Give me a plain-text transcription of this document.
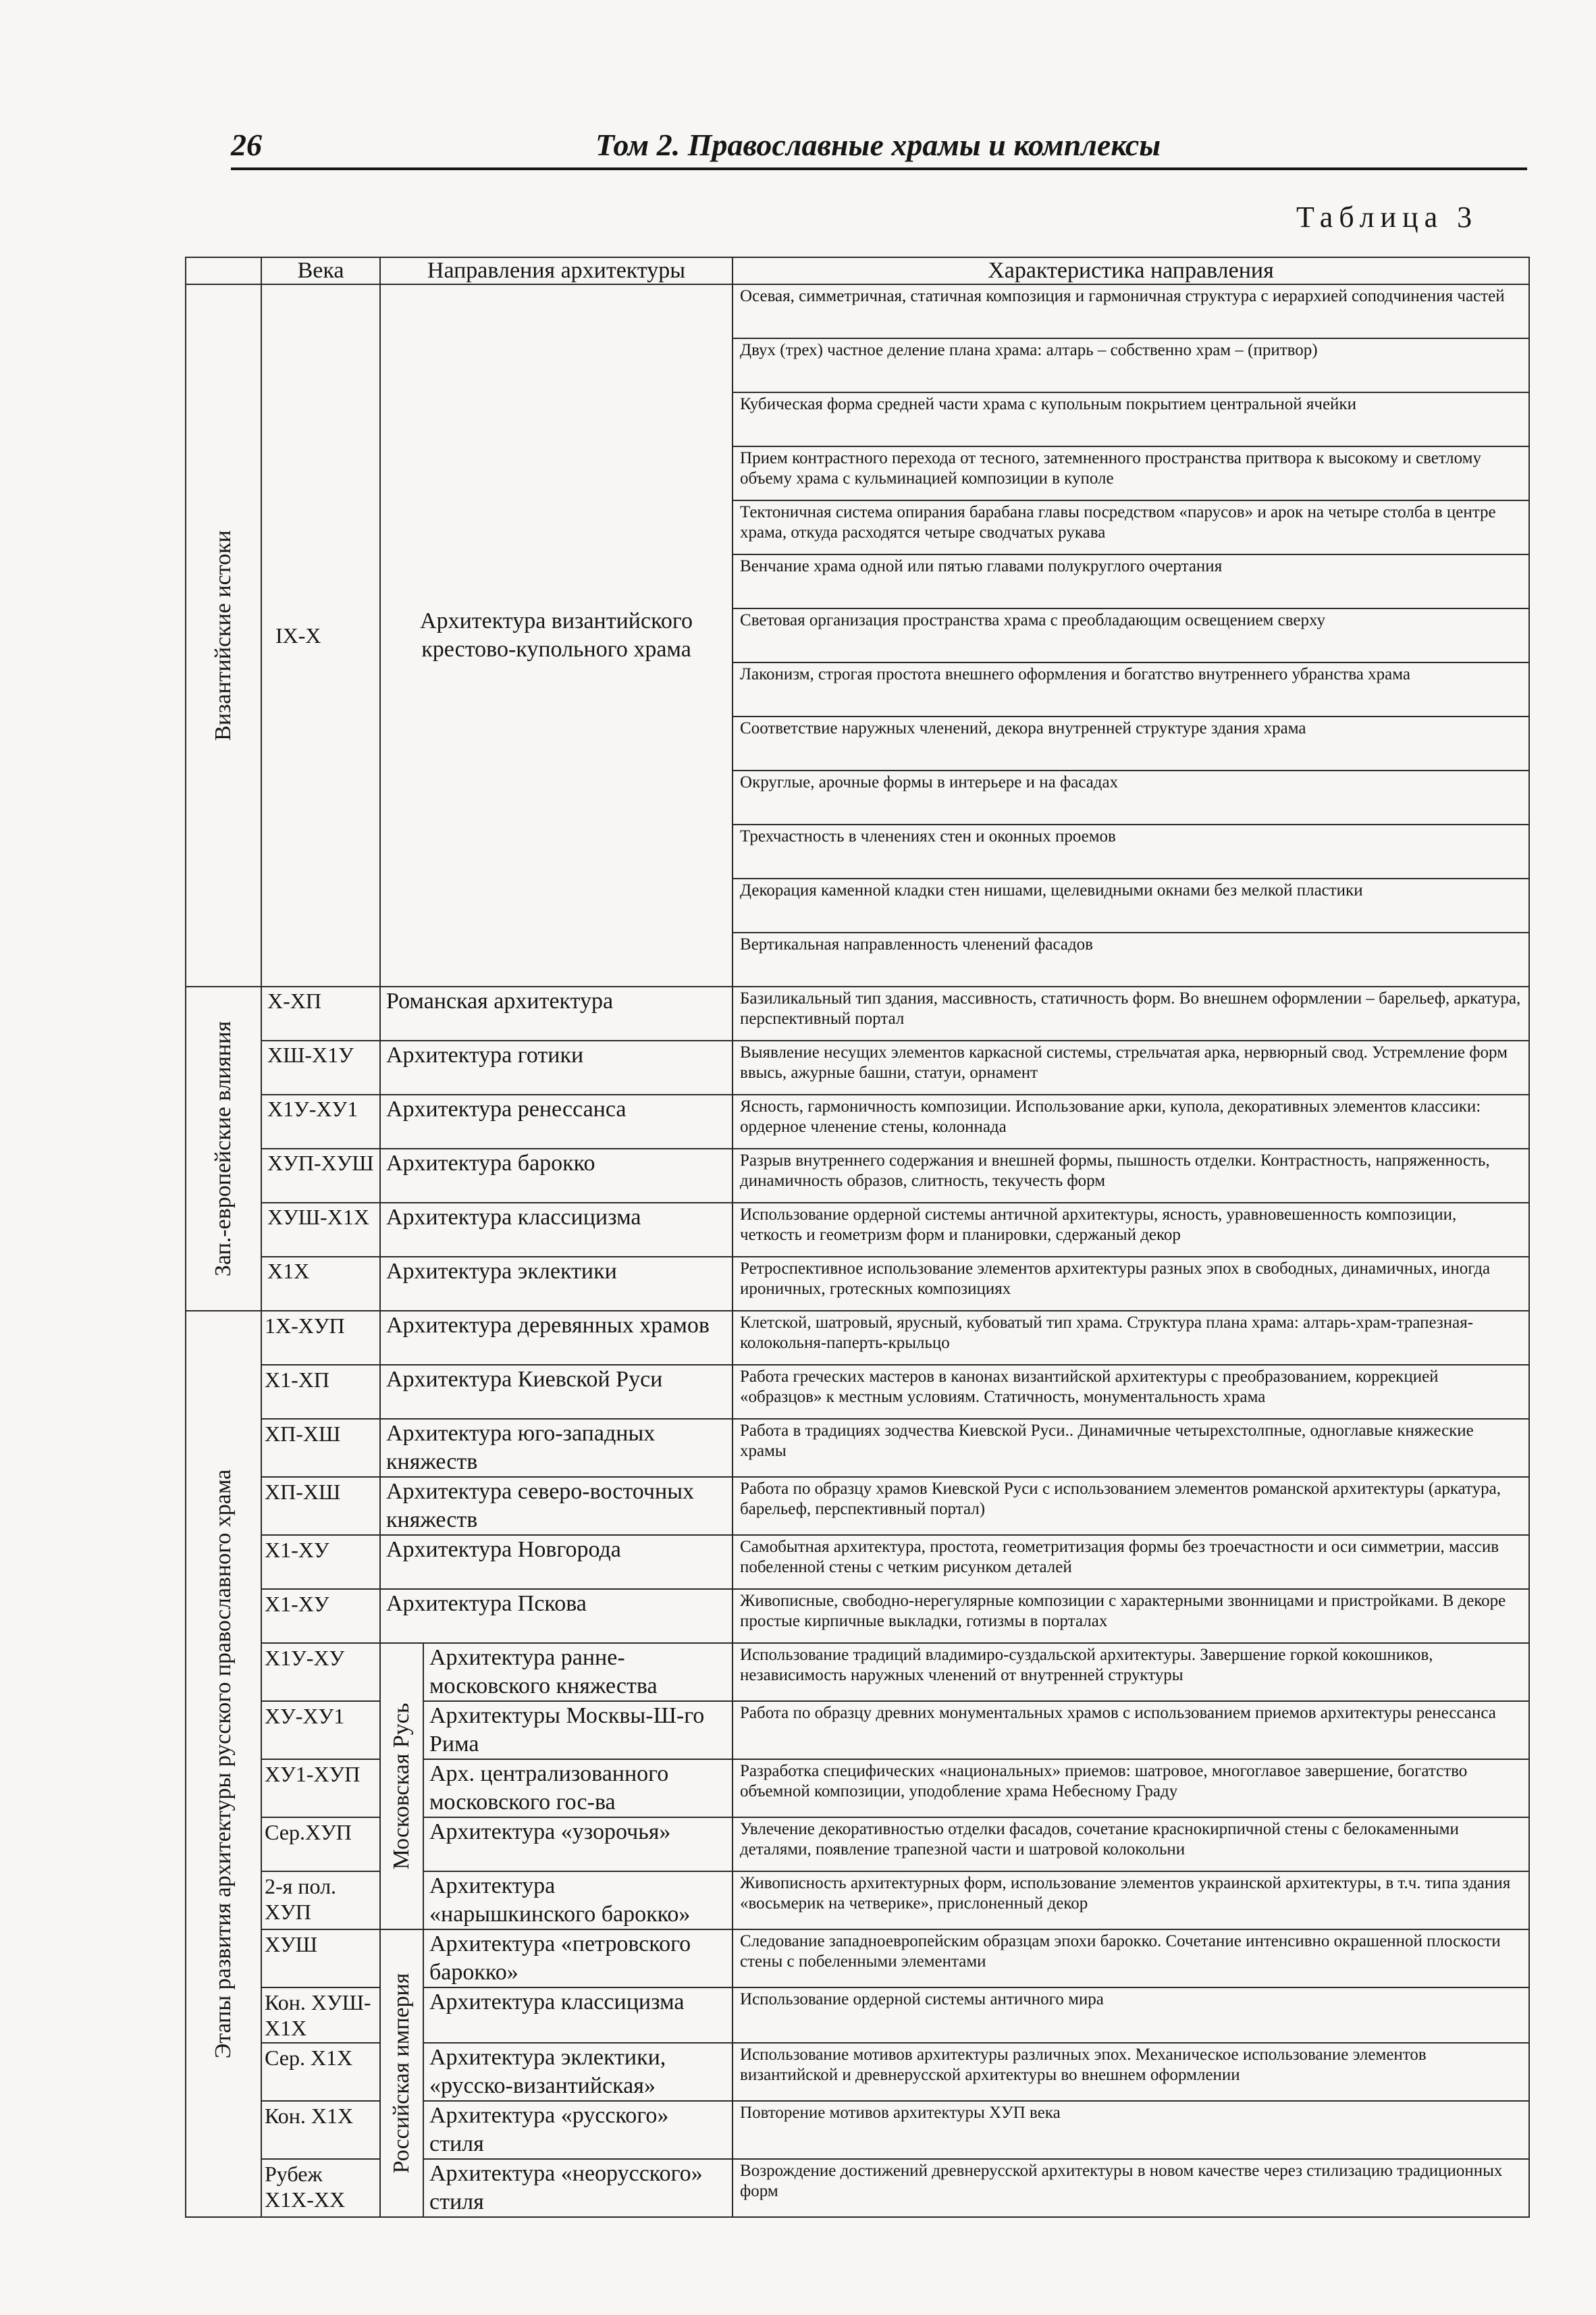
26	Том 2. Православные храмы и комплексы
Таблица 3
	Века	Направления архитектуры		Характеристика направления

Византийские истоки	IX-X	Архитектура византийского крестово-купольного храма		Осевая, симметричная, статичная композиция и гармоничная структура с иерархией соподчинения частей
				Двух (трех) частное деление плана храма: алтарь – собственно храм – (притвор)
				Кубическая форма средней части храма с купольным покрытием центральной ячейки
				Прием контрастного перехода от тесного, затемненного пространства притвора к высокому и светлому объему храма с кульминацией композиции в куполе
				Тектоничная система опирания барабана главы посредством «парусов» и арок на четыре столба в центре храма, откуда расходятся четыре сводчатых рукава
				Венчание храма одной или пятью главами полукруглого очертания
				Световая организация пространства храма с преобладающим освещением сверху
				Лаконизм, строгая простота внешнего оформления и богатство внутреннего убранства храма
				Соответствие наружных членений, декора внутренней структуре здания храма
				Округлые, арочные формы в интерьере и на фасадах
				Трехчастность в членениях стен и оконных проемов
				Декорация каменной кладки стен нишами, щелевидными окнами без мелкой пластики
				Вертикальная направленность членений фасадов

Зап.-европейские влияния	Х-ХП	Романская архитектура		Базиликальный тип здания, массивность, статичность форм. Во внешнем оформлении – барельеф, аркатура, перспективный портал
	ХШ-Х1У	Архитектура готики		Выявление несущих элементов каркасной системы, стрельчатая арка, нервюрный свод. Устремление форм ввысь, ажурные башни, статуи, орнамент
	Х1У-ХУ1	Архитектура ренессанса		Ясность, гармоничность композиции. Использование арки, купола, декоративных элементов классики: ордерное членение стены, колоннада
	ХУП-ХУШ	Архитектура барокко		Разрыв внутреннего содержания и внешней формы, пышность отделки. Контрастность, напряженность, динамичность образов, слитность, текучесть форм
	ХУШ-Х1Х	Архитектура классицизма		Использование ордерной системы античной архитектуры, ясность, уравновешенность композиции, четкость и геометризм форм и планировки, сдержаный декор
	Х1Х	Архитектура эклектики		Ретроспективное использование элементов архитектуры разных эпох в свободных, динамичных, иногда ироничных, гротескных композициях

Этапы развития архитектуры русского православного храма	1Х-ХУП	Архитектура деревянных храмов		Клетской, шатровый, ярусный, кубоватый тип храма. Структура плана храма: алтарь-храм-трапезная-колокольня-паперть-крыльцо
	Х1-ХП	Архитектура Киевской Руси		Работа греческих мастеров в канонах византийской архитектуры с преобразованием, коррекцией «образцов» к местным условиям. Статичность, монументальность храма
	ХП-ХШ	Архитектура юго-западных княжеств		Работа в традициях зодчества Киевской Руси.. Динамичные четырехстолпные, одноглавые княжеские храмы
	ХП-ХШ	Архитектура северо-восточных княжеств		Работа по образцу храмов Киевской Руси с использованием элементов романской архитектуры (аркатура, барельеф, перспективный портал)
	Х1-ХУ	Архитектура Новгорода		Самобытная архитектура, простота, геометритизация формы без троечастности и оси симметрии, массив побеленной стены с четким рисунком деталей
	Х1-ХУ	Архитектура Пскова		Живописные, свободно-нерегулярные композиции с характерными звонницами и пристройками. В декоре простые кирпичные выкладки, готизмы в порталах
	Х1У-ХУ	Московская Русь	Архитектура ранне-московского княжества	Использование традиций владимиро-суздальской архитектуры. Завершение горкой кокошников, независимость наружных членений от внутренней структуры
	ХУ-ХУ1		Архитектуры Москвы-Ш-го Рима	Работа по образцу древних монументальных храмов с использованием приемов архитектуры ренессанса
	ХУ1-ХУП		Арх. централизованного московского гос-ва	Разработка специфических «национальных» приемов: шатровое, многоглавое завершение, богатство объемной композиции, уподобление храма Небесному Граду
	Сер.ХУП		Архитектура «узорочья»	Увлечение декоративностью отделки фасадов, сочетание краснокирпичной стены с белокаменными деталями, появление трапезной части и шатровой колокольни
	2-я пол. ХУП		Архитектура «нарышкинского барокко»	Живописность архитектурных форм, использование элементов украинской архитектуры, в т.ч. типа здания «восьмерик на четверике», прислоненный декор
	ХУШ	Российская империя	Архитектура «петровского барокко»	Следование западноевропейским образцам эпохи барокко. Сочетание интенсивно окрашенной плоскости стены с побеленными элементами
	Кон. ХУШ-Х1Х		Архитектура классицизма	Использование ордерной системы античного мира
	Сер. Х1Х		Архитектура эклектики, «русско-византийская»	Использование мотивов архитектуры различных эпох. Механическое использование элементов византийской и древнерусской архитектуры во внешнем оформлении
	Кон. Х1Х		Архитектура «русского» стиля	Повторение мотивов архитектуры ХУП века
	Рубеж Х1Х-ХХ		Архитектура «неорусского» стиля	Возрождение достижений древнерусской архитектуры в новом качестве через стилизацию традиционных форм
